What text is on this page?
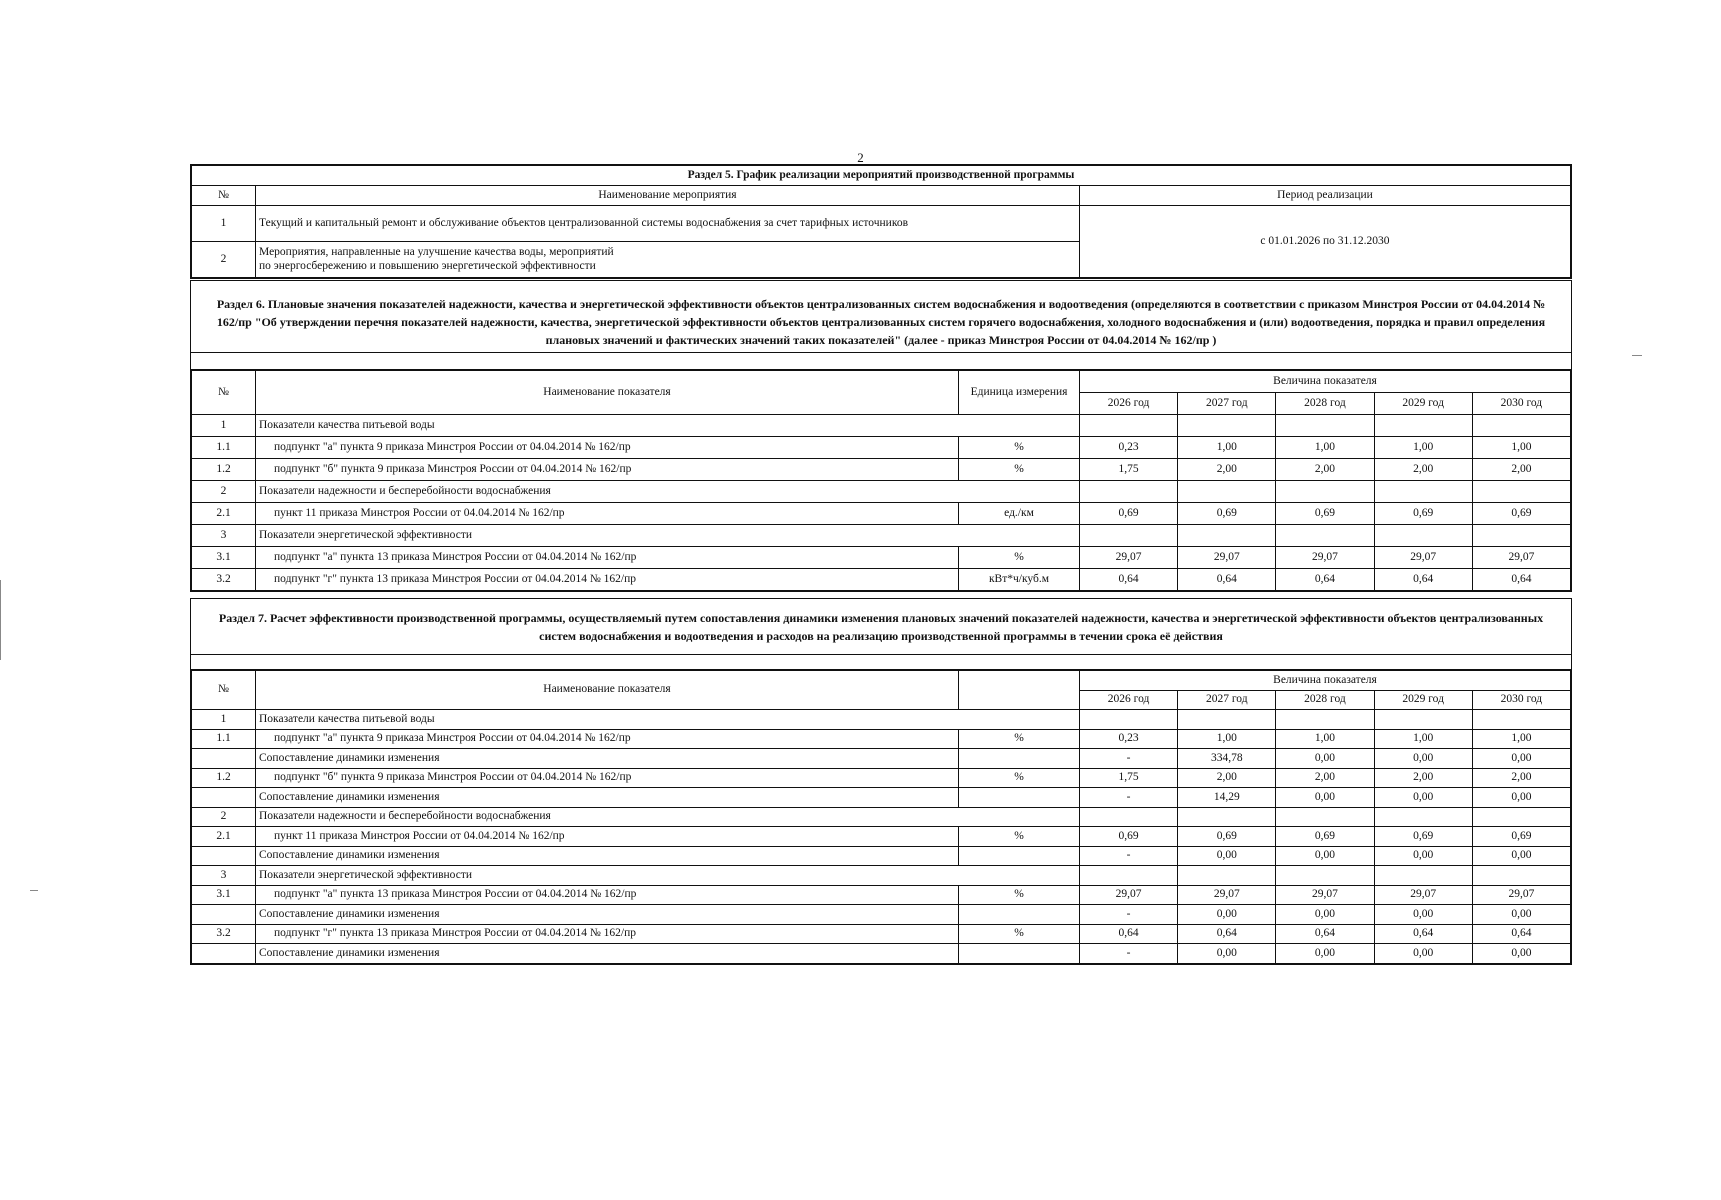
2
Раздел 5. График реализации мероприятий производственной программы		
№	Наименование мероприятия	Период реализации
1	Текущий и капитальный ремонт и обслуживание объектов централизованной системы водоснабжения за счет тарифных источников	с 01.01.2026 по 31.12.2030
2	Мероприятия, направленные на улучшение качества воды, мероприятий
по энергосбережению и повышению энергетической эффективности	
Раздел 6. Плановые значения показателей надежности, качества и энергетической эффективности объектов централизованных систем водоснабжения и водоотведения (определяются в соответствии с приказом Минстроя России от 04.04.2014 № 162/пр "Об утверждении перечня показателей надежности, качества, энергетической эффективности объектов централизованных систем горячего водоснабжения, холодного водоснабжения и (или) водоотведения, порядка и правил определения плановых значений и фактических значений таких показателей" (далее - приказ Минстроя России от 04.04.2014 № 162/пр )
№	Наименование показателя	Единица измерения	Величина показателя				
			2026 год	2027 год	2028 год	2029 год	2030 год
1	Показатели качества питьевой воды						
1.1	подпункт "а" пункта 9 приказа Минстроя России от 04.04.2014 № 162/пр	%	0,23	1,00	1,00	1,00	1,00
1.2	подпункт "б" пункта 9 приказа Минстроя России от 04.04.2014 № 162/пр	%	1,75	2,00	2,00	2,00	2,00
2	Показатели надежности и бесперебойности водоснабжения						
2.1	пункт 11 приказа Минстроя России от 04.04.2014 № 162/пр	ед./км	0,69	0,69	0,69	0,69	0,69
3	Показатели энергетической эффективности						
3.1	подпункт "а" пункта 13 приказа Минстроя России от 04.04.2014 № 162/пр	%	29,07	29,07	29,07	29,07	29,07
3.2	подпункт "г" пункта 13 приказа Минстроя России от 04.04.2014 № 162/пр	кВт*ч/куб.м	0,64	0,64	0,64	0,64	0,64
Раздел 7. Расчет эффективности производственной программы, осуществляемый путем сопоставления динамики изменения плановых значений показателей надежности, качества и энергетической эффективности объектов централизованных систем водоснабжения и водоотведения и расходов на реализацию производственной программы в течении срока её действия
№	Наименование показателя		Величина показателя				
			2026 год	2027 год	2028 год	2029 год	2030 год
1	Показатели качества питьевой воды						
1.1	подпункт "а" пункта 9 приказа Минстроя России от 04.04.2014 № 162/пр	%	0,23	1,00	1,00	1,00	1,00
	Сопоставление динамики изменения		-	334,78	0,00	0,00	0,00
1.2	подпункт "б" пункта 9 приказа Минстроя России от 04.04.2014 № 162/пр	%	1,75	2,00	2,00	2,00	2,00
	Сопоставление динамики изменения		-	14,29	0,00	0,00	0,00
2	Показатели надежности и бесперебойности водоснабжения						
2.1	пункт 11 приказа Минстроя России от 04.04.2014 № 162/пр	%	0,69	0,69	0,69	0,69	0,69
	Сопоставление динамики изменения		-	0,00	0,00	0,00	0,00
3	Показатели энергетической эффективности						
3.1	подпункт "а" пункта 13 приказа Минстроя России от 04.04.2014 № 162/пр	%	29,07	29,07	29,07	29,07	29,07
	Сопоставление динамики изменения		-	0,00	0,00	0,00	0,00
3.2	подпункт "г" пункта 13 приказа Минстроя России от 04.04.2014 № 162/пр	%	0,64	0,64	0,64	0,64	0,64
	Сопоставление динамики изменения		-	0,00	0,00	0,00	0,00
